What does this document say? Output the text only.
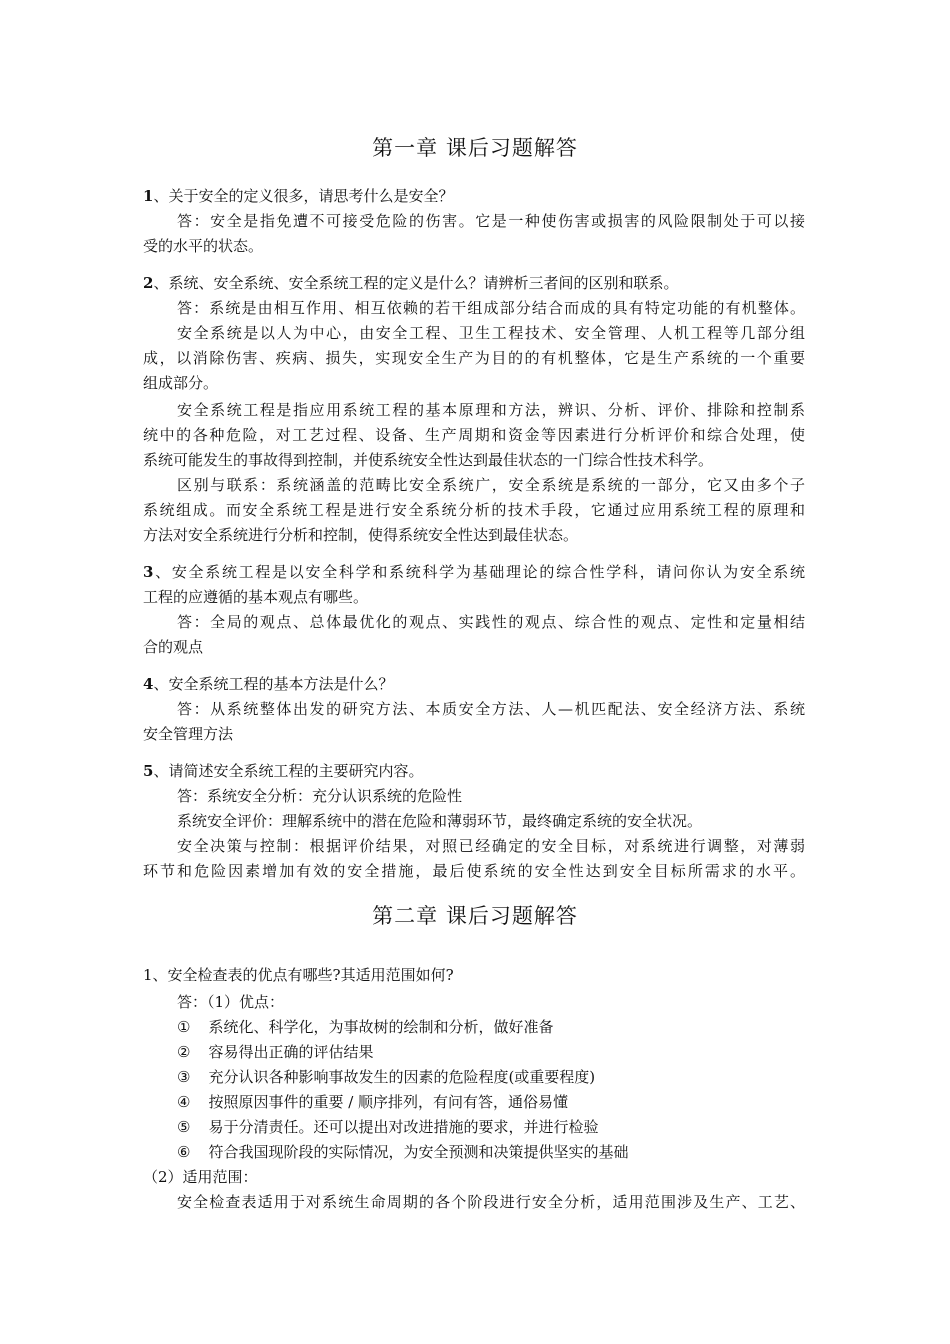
第一章 课后习题解答
1、关于安全的定义很多，请思考什么是安全？
答：安全是指免遭不可接受危险的伤害。它是一种使伤害或损害的风险限制处于可以接
受的水平的状态。
2、系统、安全系统、安全系统工程的定义是什么？请辨析三者间的区别和联系。
答：系统是由相互作用、相互依赖的若干组成部分结合而成的具有特定功能的有机整体。
安全系统是以人为中心，由安全工程、卫生工程技术、安全管理、人机工程等几部分组
成，以消除伤害、疾病、损失，实现安全生产为目的的有机整体，它是生产系统的一个重要
组成部分。
安全系统工程是指应用系统工程的基本原理和方法，辨识、分析、评价、排除和控制系
统中的各种危险，对工艺过程、设备、生产周期和资金等因素进行分析评价和综合处理，使
系统可能发生的事故得到控制，并使系统安全性达到最佳状态的一门综合性技术科学。
区别与联系：系统涵盖的范畴比安全系统广，安全系统是系统的一部分，它又由多个子
系统组成。而安全系统工程是进行安全系统分析的技术手段，它通过应用系统工程的原理和
方法对安全系统进行分析和控制，使得系统安全性达到最佳状态。
3、安全系统工程是以安全科学和系统科学为基础理论的综合性学科，请问你认为安全系统
工程的应遵循的基本观点有哪些。
答：全局的观点、总体最优化的观点、实践性的观点、综合性的观点、定性和定量相结
合的观点
4、安全系统工程的基本方法是什么？
答：从系统整体出发的研究方法、本质安全方法、人—机匹配法、安全经济方法、系统
安全管理方法
5、请简述安全系统工程的主要研究内容。
答：系统安全分析：充分认识系统的危险性
系统安全评价：理解系统中的潜在危险和薄弱环节，最终确定系统的安全状况。
安全决策与控制：根据评价结果，对照已经确定的安全目标，对系统进行调整，对薄弱
环节和危险因素增加有效的安全措施，最后使系统的安全性达到安全目标所需求的水平。
第二章 课后习题解答
1、安全检查表的优点有哪些?其适用范围如何?
答：（1）优点：
① 系统化、科学化，为事故树的绘制和分析，做好准备
② 容易得出正确的评估结果
③ 充分认识各种影响事故发生的因素的危险程度(或重要程度)
④ 按照原因事件的重要 / 顺序排列，有问有答，通俗易懂
⑤ 易于分清责任。还可以提出对改进措施的要求，并进行检验
⑥ 符合我国现阶段的实际情况，为安全预测和决策提供坚实的基础
（2）适用范围：
安全检查表适用于对系统生命周期的各个阶段进行安全分析，适用范围涉及生产、工艺、
